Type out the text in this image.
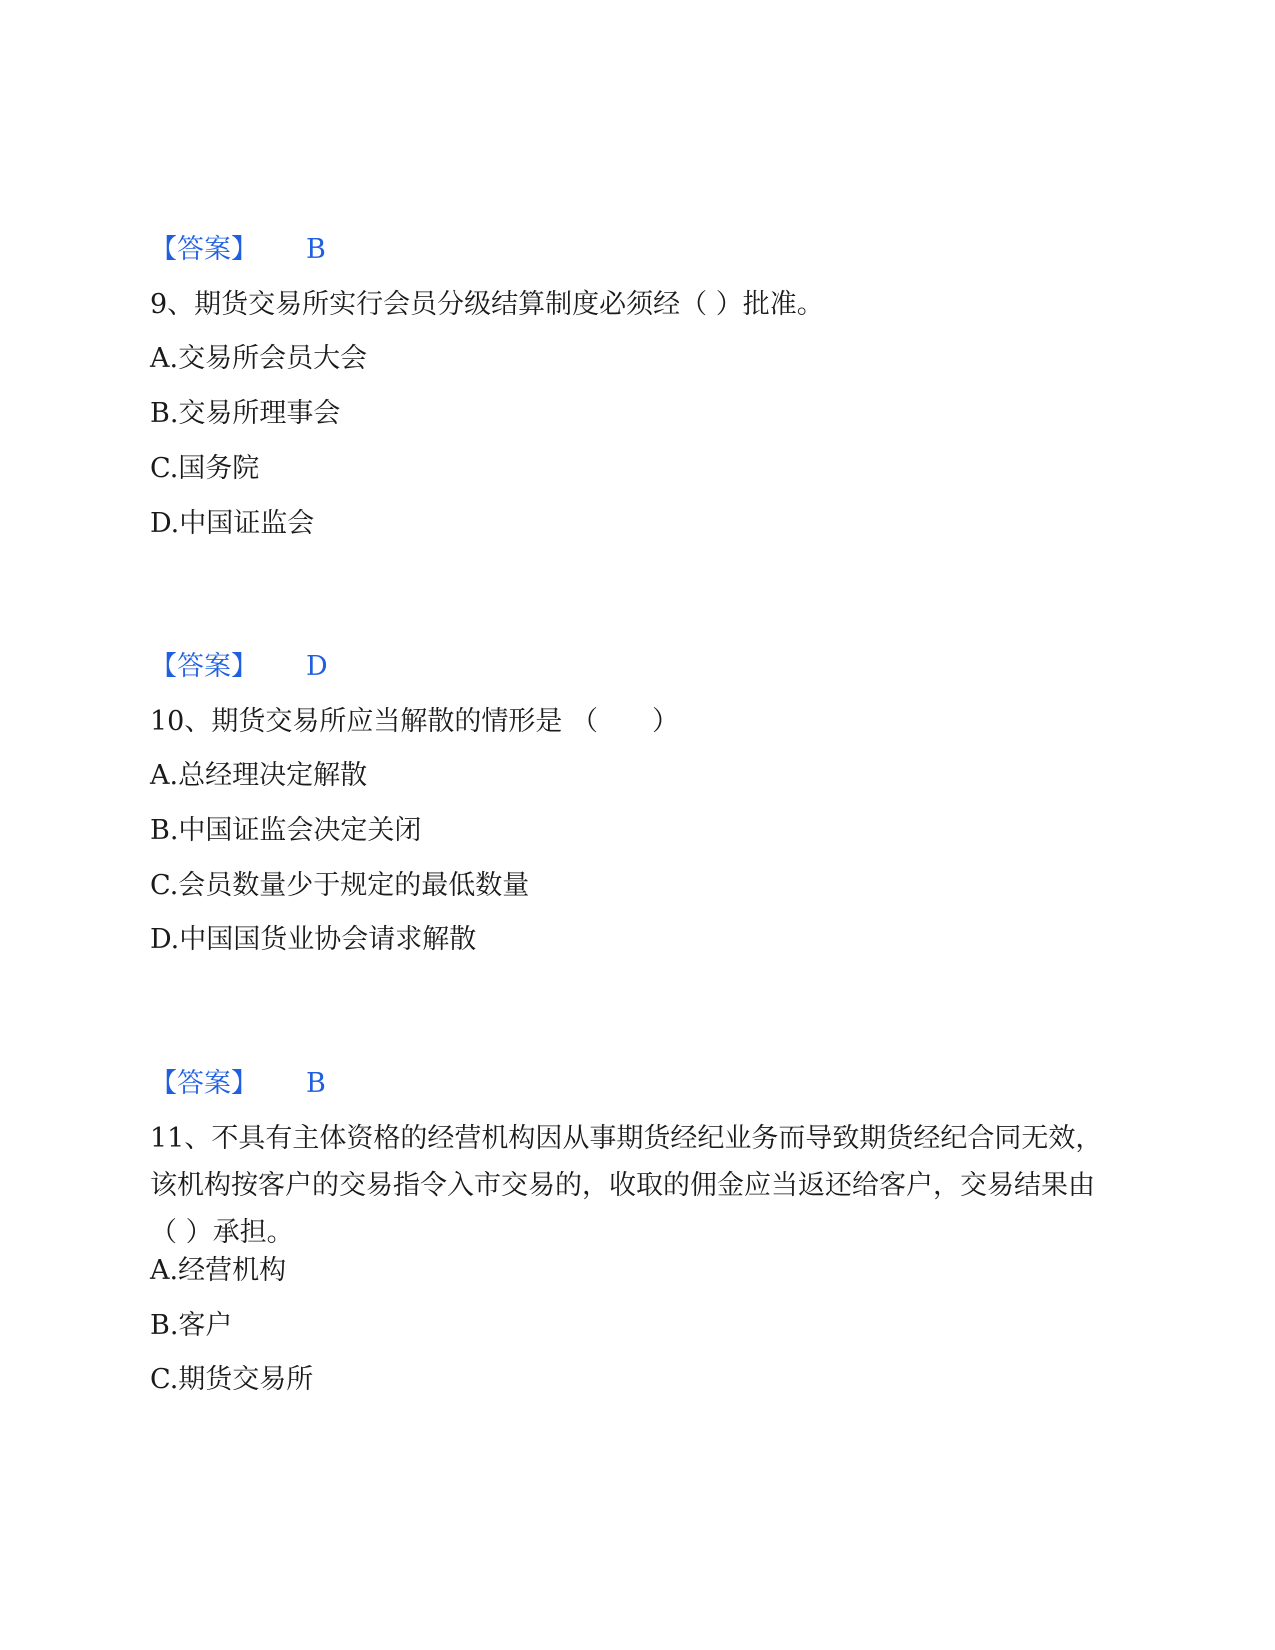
【答案】 B
9、期货交易所实行会员分级结算制度必须经（ ）批准。
A.交易所会员大会
B.交易所理事会
C.国务院
D.中国证监会
【答案】 D
10、期货交易所应当解散的情形是 （　　）
A.总经理决定解散
B.中国证监会决定关闭
C.会员数量少于规定的最低数量
D.中国国货业协会请求解散
【答案】 B
11、不具有主体资格的经营机构因从事期货经纪业务而导致期货经纪合同无效，该机构按客户的交易指令入市交易的，收取的佣金应当返还给客户，交易结果由（ ）承担。
A.经营机构
B.客户
C.期货交易所
